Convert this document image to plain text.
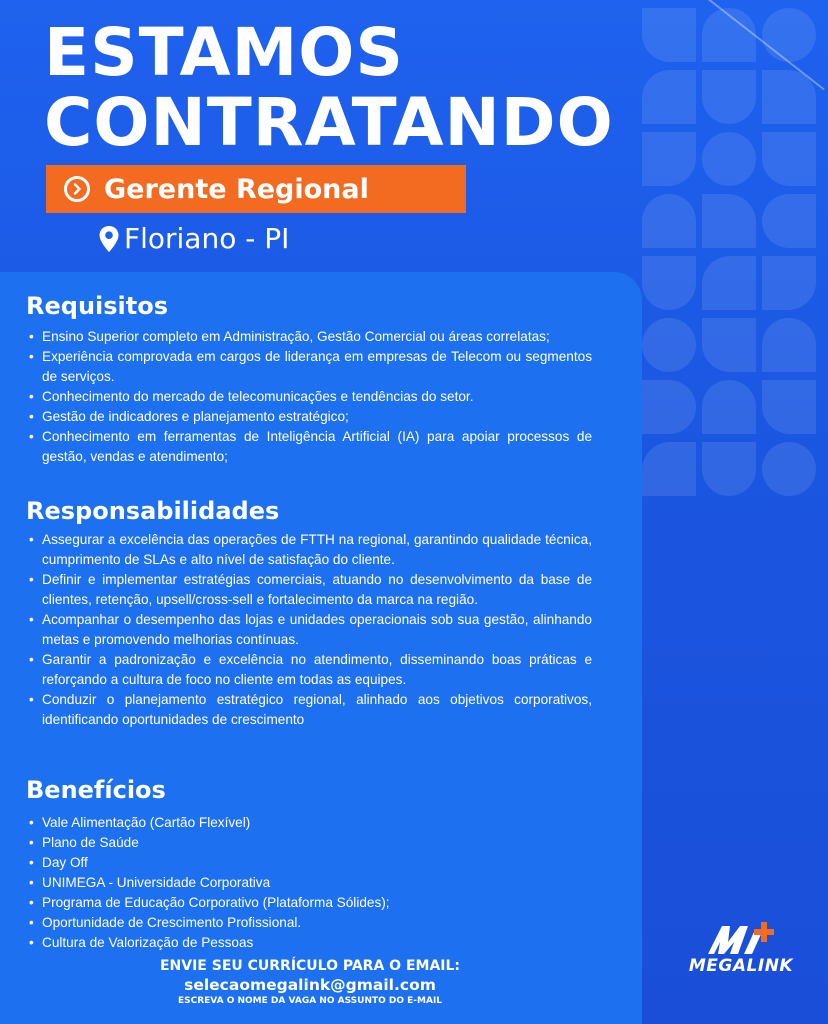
ESTAMOS
CONTRATANDO
Gerente Regional
Floriano - PI
Requisitos
• Ensino Superior completo em Administração, Gestão Comercial ou áreas correlatas;
• Experiência comprovada em cargos de liderança em empresas de Telecom ou segmentos de serviços.
• Conhecimento do mercado de telecomunicações e tendências do setor.
• Gestão de indicadores e planejamento estratégico;
• Conhecimento em ferramentas de Inteligência Artificial (IA) para apoiar processos de gestão, vendas e atendimento;
Responsabilidades
• Assegurar a excelência das operações de FTTH na regional, garantindo qualidade técnica, cumprimento de SLAs e alto nível de satisfação do cliente.
• Definir e implementar estratégias comerciais, atuando no desenvolvimento da base de clientes, retenção, upsell/cross-sell e fortalecimento da marca na região.
• Acompanhar o desempenho das lojas e unidades operacionais sob sua gestão, alinhando metas e promovendo melhorias contínuas.
• Garantir a padronização e excelência no atendimento, disseminando boas práticas e reforçando a cultura de foco no cliente em todas as equipes.
• Conduzir o planejamento estratégico regional, alinhado aos objetivos corporativos, identificando oportunidades de crescimento
Benefícios
• Vale Alimentação (Cartão Flexível)
• Plano de Saúde
• Day Off
• UNIMEGA - Universidade Corporativa
• Programa de Educação Corporativo (Plataforma Sólides);
• Oportunidade de Crescimento Profissional.
• Cultura de Valorização de Pessoas

ENVIE SEU CURRÍCULO PARA O EMAIL:

selecaomegalink@gmail.com

ESCREVA O NOME DA VAGA NO ASSUNTO DO E-MAIL

MEGALINK
